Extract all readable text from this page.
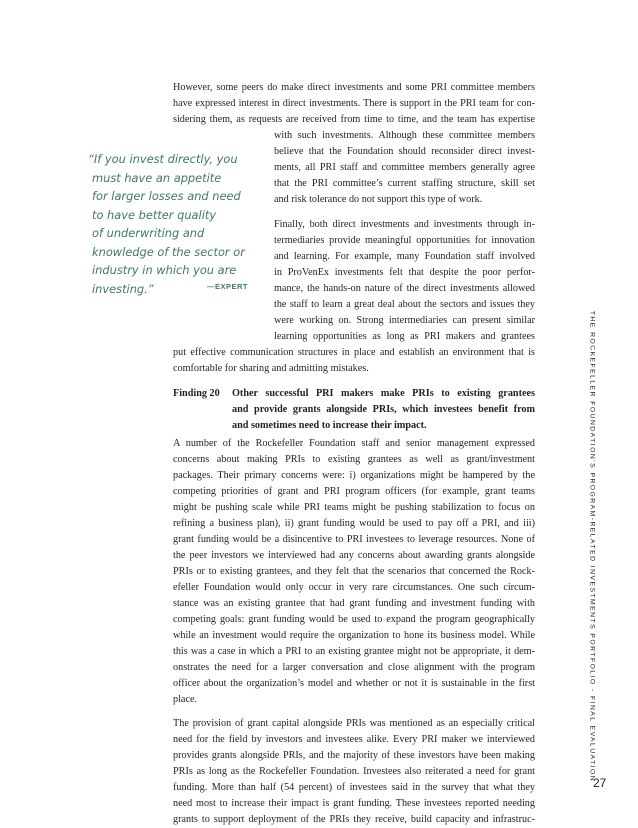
However, some peers do make direct investments and some PRI committee members
have expressed interest in direct investments. There is support in the PRI team for con-
sidering them, as requests are received from time to time, and the team has expertise
with such investments. Although these committee members
believe that the Foundation should reconsider direct invest-
ments, all PRI staff and committee members generally agree
that the PRI committee’s current staffing structure, skill set
and risk tolerance do not support this type of work.
Finally, both direct investments and investments through in-
termediaries provide meaningful opportunities for innovation
and learning. For example, many Foundation staff involved
in ProVenEx investments felt that despite the poor perfor-
mance, the hands-on nature of the direct investments allowed
the staff to learn a great deal about the sectors and issues they
were working on. Strong intermediaries can present similar
learning opportunities as long as PRI makers and grantees
put effective communication structures in place and establish an environment that is
comfortable for sharing and admitting mistakes.
“If you invest directly, you
must have an appetite
for larger losses and need
to have better quality
of underwriting and
knowledge of the sector or
industry in which you are
investing.”	—EXPERT
Finding 20 Other successful PRI makers make PRIs to existing grantees
and provide grants alongside PRIs, which investees benefit from
and sometimes need to increase their impact.
A number of the Rockefeller Foundation staff and senior management expressed
concerns about making PRIs to existing grantees as well as grant/investment
packages. Their primary concerns were: i) organizations might be hampered by the
competing priorities of grant and PRI program officers (for example, grant teams
might be pushing scale while PRI teams might be pushing stabilization to focus on
refining a business plan), ii) grant funding would be used to pay off a PRI, and iii)
grant funding would be a disincentive to PRI investees to leverage resources. None of
the peer investors we interviewed had any concerns about awarding grants alongside
PRIs or to existing grantees, and they felt that the scenarios that concerned the Rock-
efeller Foundation would only occur in very rare circumstances. One such circum-
stance was an existing grantee that had grant funding and investment funding with
competing goals: grant funding would be used to expand the program geographically
while an investment would require the organization to hone its business model. While
this was a case in which a PRI to an existing grantee might not be appropriate, it dem-
onstrates the need for a larger conversation and close alignment with the program
officer about the organization’s model and whether or not it is sustainable in the first
place.
The provision of grant capital alongside PRIs was mentioned as an especially critical
need for the field by investors and investees alike. Every PRI maker we interviewed
provides grants alongside PRIs, and the majority of these investors have been making
PRIs as long as the Rockefeller Foundation. Investees also reiterated a need for grant
funding. More than half (54 percent) of investees said in the survey that what they
need most to increase their impact is grant funding. These investees reported needing
grants to support deployment of the PRIs they receive, build capacity and infrastruc-
THE ROCKEFELLER FOUNDATION’S PROGRAM-RELATED INVESTMENTS PORTFOLIO - FINAL EVALUATION
27
